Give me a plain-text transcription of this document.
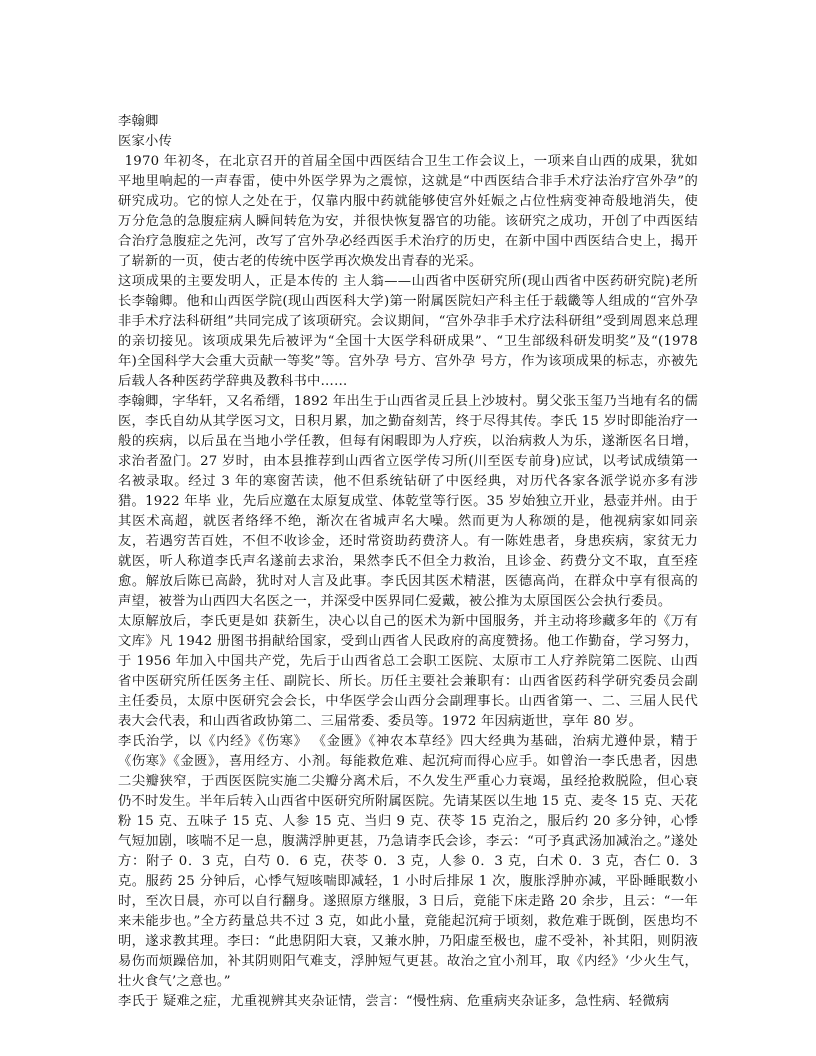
李翰卿

医家小传

1970 年初冬，在北京召开的首届全国中西医结合卫生工作会议上，一项来自山西的成果，犹如平地里响起的一声春雷，使中外医学界为之震惊，这就是“中西医结合非手术疗法治疗宫外孕”的研究成功。它的惊人之处在于，仅靠内服中药就能够使宫外妊娠之占位性病变神奇般地消失，使万分危急的急腹症病人瞬间转危为安，并很快恢复器官的功能。该研究之成功，开创了中西医结合治疗急腹症之先河，改写了宫外孕必经西医手术治疗的历史，在新中国中西医结合史上，揭开了崭新的一页，使古老的传统中医学再次焕发出青春的光采。

这项成果的主要发明人，正是本传的 主人翁——山西省中医研究所(现山西省中医药研究院)老所长李翰卿。他和山西医学院(现山西医科大学)第一附属医院妇产科主任于载畿等人组成的“宫外孕非手术疗法科研组”共同完成了该项研究。会议期间，“宫外孕非手术疗法科研组”受到周恩来总理的亲切接见。该项成果先后被评为“全国十大医学科研成果”、“卫生部级科研发明奖”及“(1978 年)全国科学大会重大贡献一等奖”等。宫外孕 号方、宫外孕 号方，作为该项成果的标志，亦被先后载人各种医药学辞典及教科书中……

李翰卿，字华轩，又名希缙，1892 年出生于山西省灵丘县上沙坡村。舅父张玉玺乃当地有名的儒医，李氏自幼从其学医习文，日积月累，加之勤奋刻苦，终于尽得其传。李氏 15 岁时即能治疗一般的疾病，以后虽在当地小学任教，但每有闲暇即为人疗疾，以治病救人为乐，遂渐医名日增，求治者盈门。27 岁时，由本县推荐到山西省立医学传习所(川至医专前身)应试，以考试成绩第一名被录取。经过 3 年的寒窗苦读，他不但系统钻研了中医经典，对历代各家各派学说亦多有涉猎。1922 年毕 业，先后应邀在太原复成堂、体乾堂等行医。35 岁始独立开业，悬壶并州。由于其医术高超，就医者络绎不绝，渐次在省城声名大噪。然而更为人称颂的是，他视病家如同亲友，若遇穷苦百姓，不但不收诊金，还时常资助药费济人。有一陈姓患者，身患疾病，家贫无力就医，听人称道李氏声名遂前去求治，果然李氏不但全力救治，且诊金、药费分文不取，直至痊愈。解放后陈已高龄，犹时对人言及此事。李氏因其医术精湛，医德高尚，在群众中享有很高的声望，被誉为山西四大名医之一，并深受中医界同仁爱戴，被公推为太原国医公会执行委员。

太原解放后，李氏更是如 获新生，决心以自己的医术为新中国服务，并主动将珍藏多年的《万有文库》凡 1942 册图书捐献给国家，受到山西省人民政府的高度赞扬。他工作勤奋，学习努力，于 1956 年加入中国共产党，先后于山西省总工会职工医院、太原市工人疗养院第二医院、山西省中医研究所任医务主任、副院长、所长。历任主要社会兼职有：山西省医药科学研究委员会副主任委员，太原中医研究会会长，中华医学会山西分会副理事长。山西省第一、二、三届人民代表大会代表，和山西省政协第二、三届常委、委员等。1972 年因病逝世，享年 80 岁。

李氏治学，以《内经》《伤寒》 《金匮》《神农本草经》四大经典为基础，治病尤遵仲景，精于《伤寒》《金匮》，喜用经方、小剂。每能救危难、起沉疴而得心应手。如曾治一李氏患者，因患二尖瓣狭窄，于西医医院实施二尖瓣分离术后，不久发生严重心力衰竭，虽经抢救脱险，但心衰仍不时发生。半年后转入山西省中医研究所附属医院。先请某医以生地 15 克、麦冬 15 克、天花粉 15 克、五味子 15 克、人参 15 克、当归 9 克、茯苓 15 克治之，服后约 20 多分钟，心悸气短加剧，咳喘不足一息，腹满浮肿更甚，乃急请李氏会诊，李云：“可予真武汤加减治之。”遂处方：附子 0．3 克，白芍 0．6 克，茯苓 0．3 克，人参 0．3 克，白术 0．3 克，杏仁 0．3 克。服药 25 分钟后，心悸气短咳喘即减轻，1 小时后排尿 1 次，腹胀浮肿亦减，平卧睡眠数小时，至次日晨，亦可以自行翻身。遂照原方继服，3 日后，竟能下床走路 20 余步，且云：“一年来未能步也。”全方药量总共不过 3 克，如此小量，竟能起沉疴于顷刻，救危难于既倒，医患均不明，遂求教其理。李曰：“此患阴阳大衰，又兼水肿，乃阳虚至极也，虚不受补，补其阳，则阴液易伤而烦躁倍加，补其阴则阳气难支，浮肿短气更甚。故治之宜小剂耳，取《内经》‘少火生气，壮火食气’之意也。”

李氏于 疑难之症，尤重视辨其夹杂证情，尝言：“慢性病、危重病夹杂证多，急性病、轻微病
